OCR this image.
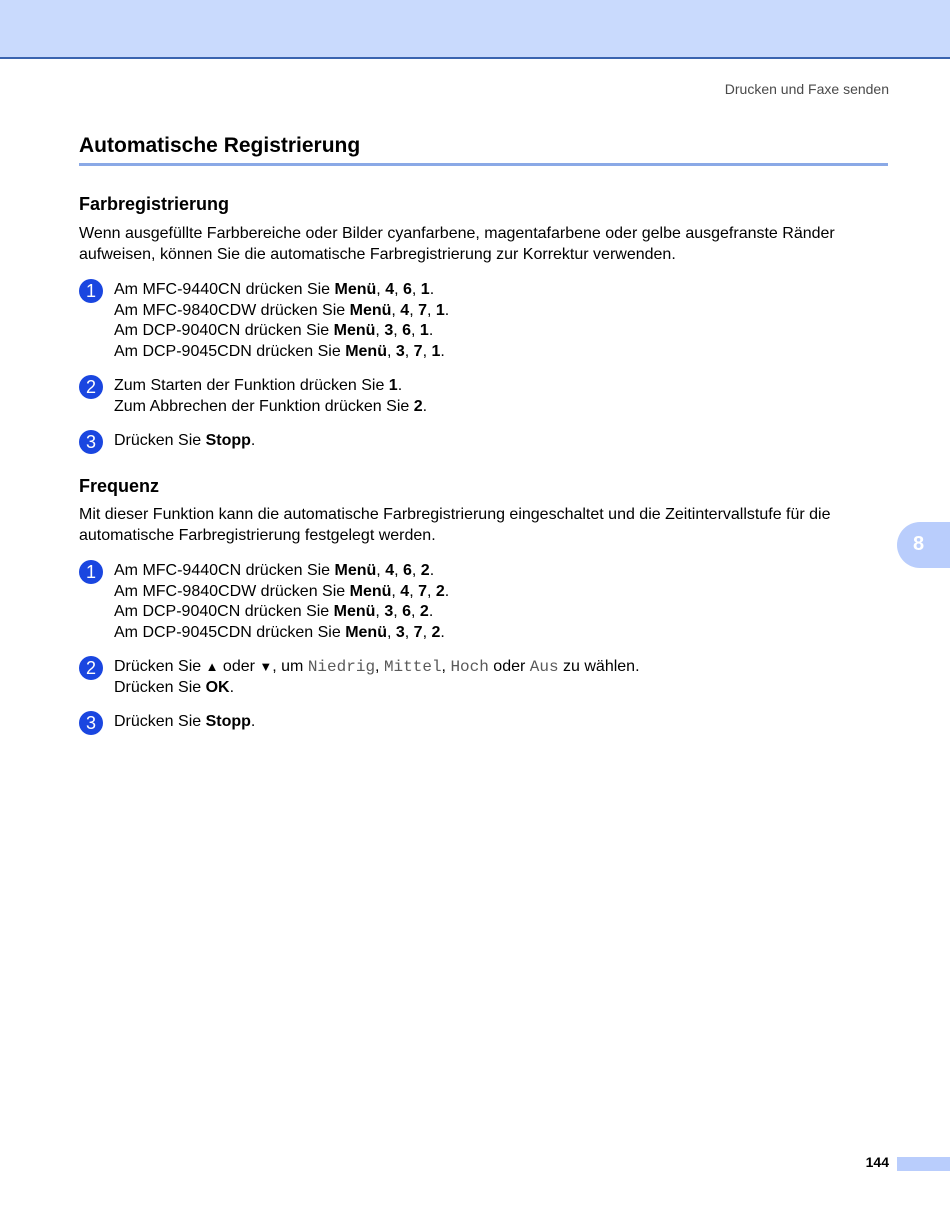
Drucken und Faxe senden
Automatische Registrierung
Farbregistrierung
Wenn ausgefüllte Farbbereiche oder Bilder cyanfarbene, magentafarbene oder gelbe ausgefranste Ränder
aufweisen, können Sie die automatische Farbregistrierung zur Korrektur verwenden.
1	Am MFC-9440CN drücken Sie Menü, 4, 6, 1.
Am MFC-9840CDW drücken Sie Menü, 4, 7, 1.
Am DCP-9040CN drücken Sie Menü, 3, 6, 1.
Am DCP-9045CDN drücken Sie Menü, 3, 7, 1.
2	Zum Starten der Funktion drücken Sie 1.
Zum Abbrechen der Funktion drücken Sie 2.
3	Drücken Sie Stopp.
Frequenz
Mit dieser Funktion kann die automatische Farbregistrierung eingeschaltet und die Zeitintervallstufe für die
automatische Farbregistrierung festgelegt werden.
1	Am MFC-9440CN drücken Sie Menü, 4, 6, 2.
Am MFC-9840CDW drücken Sie Menü, 4, 7, 2.
Am DCP-9040CN drücken Sie Menü, 3, 6, 2.
Am DCP-9045CDN drücken Sie Menü, 3, 7, 2.
2	Drücken Sie ▲ oder ▼, um Niedrig, Mittel, Hoch oder Aus zu wählen.
Drücken Sie OK.
3	Drücken Sie Stopp.
8
144
